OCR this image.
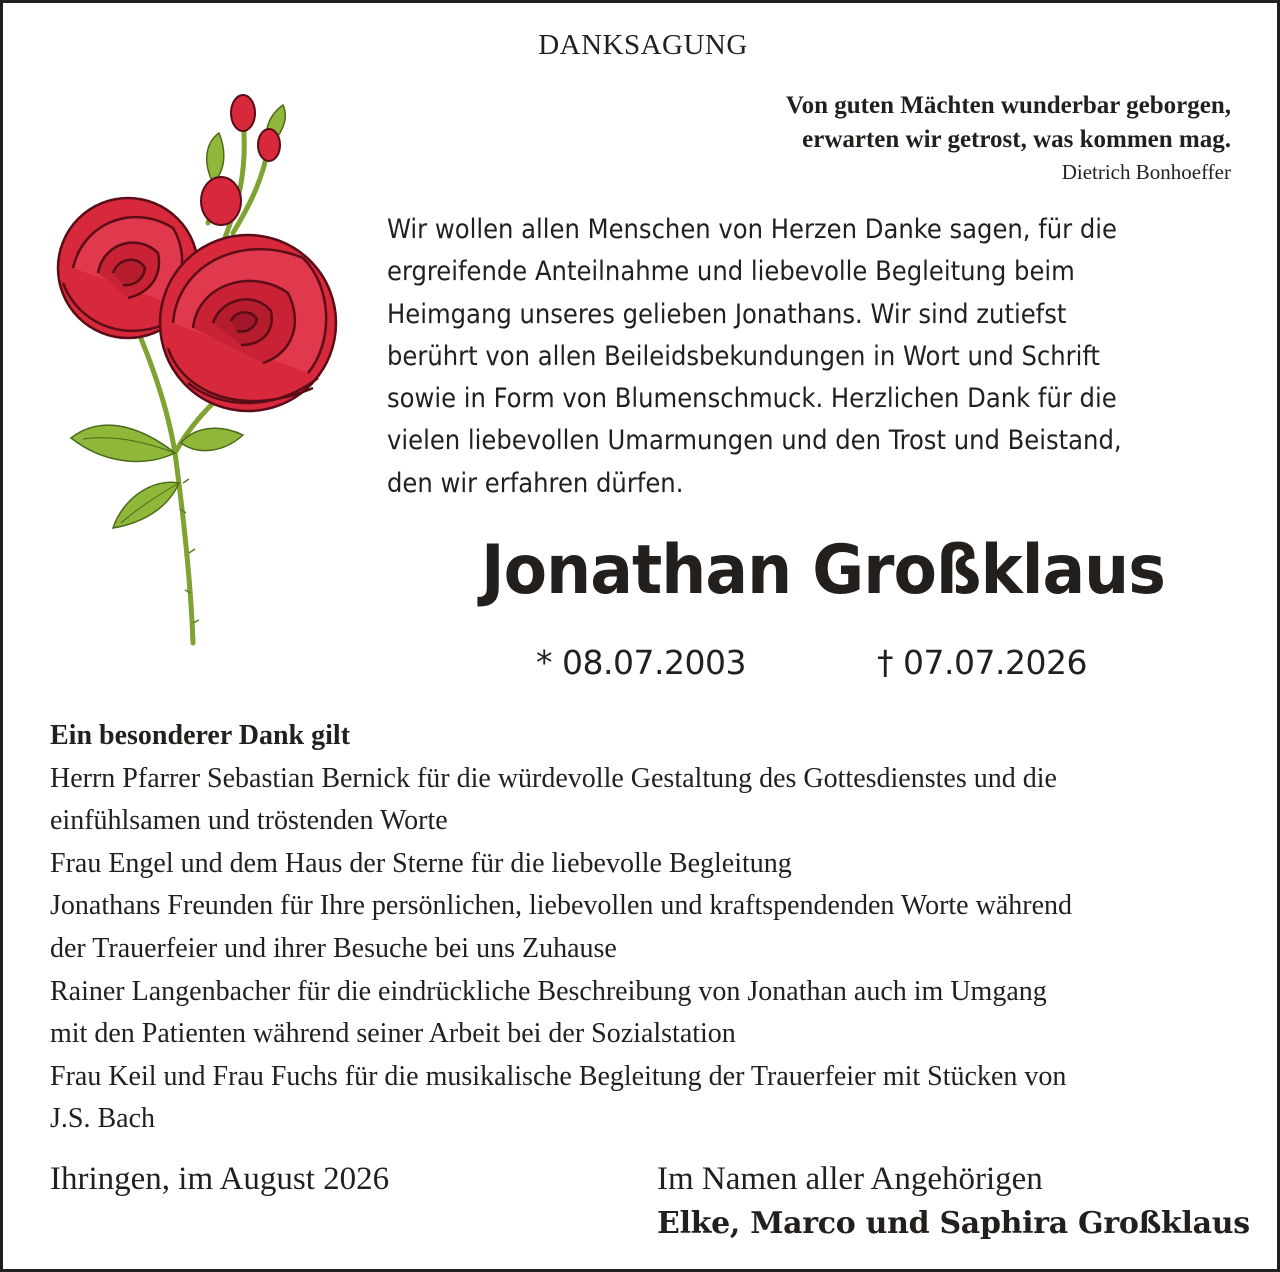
DANKSAGUNG
Von guten Mächten wunderbar geborgen,
erwarten wir getrost, was kommen mag.
Dietrich Bonhoeffer
Wir wollen allen Menschen von Herzen Danke sagen, für die
ergreifende Anteilnahme und liebevolle Begleitung beim
Heimgang unseres gelieben Jonathans. Wir sind zutiefst
berührt von allen Beileidsbekundungen in Wort und Schrift
sowie in Form von Blumenschmuck. Herzlichen Dank für die
vielen liebevollen Umarmungen und den Trost und Beistand,
den wir erfahren dürfen.
Jonathan Großklaus
* 08.07.2003	† 07.07.2026
Ein besonderer Dank gilt
Herrn Pfarrer Sebastian Bernick für die würdevolle Gestaltung des Gottesdienstes und die
einfühlsamen und tröstenden Worte
Frau Engel und dem Haus der Sterne für die liebevolle Begleitung
Jonathans Freunden für Ihre persönlichen, liebevollen und kraftspendenden Worte während
der Trauerfeier und ihrer Besuche bei uns Zuhause
Rainer Langenbacher für die eindrückliche Beschreibung von Jonathan auch im Umgang
mit den Patienten während seiner Arbeit bei der Sozialstation
Frau Keil und Frau Fuchs für die musikalische Begleitung der Trauerfeier mit Stücken von
J.S. Bach
Ihringen, im August 2026	Im Namen aller Angehörigen
Elke, Marco und Saphira Großklaus
